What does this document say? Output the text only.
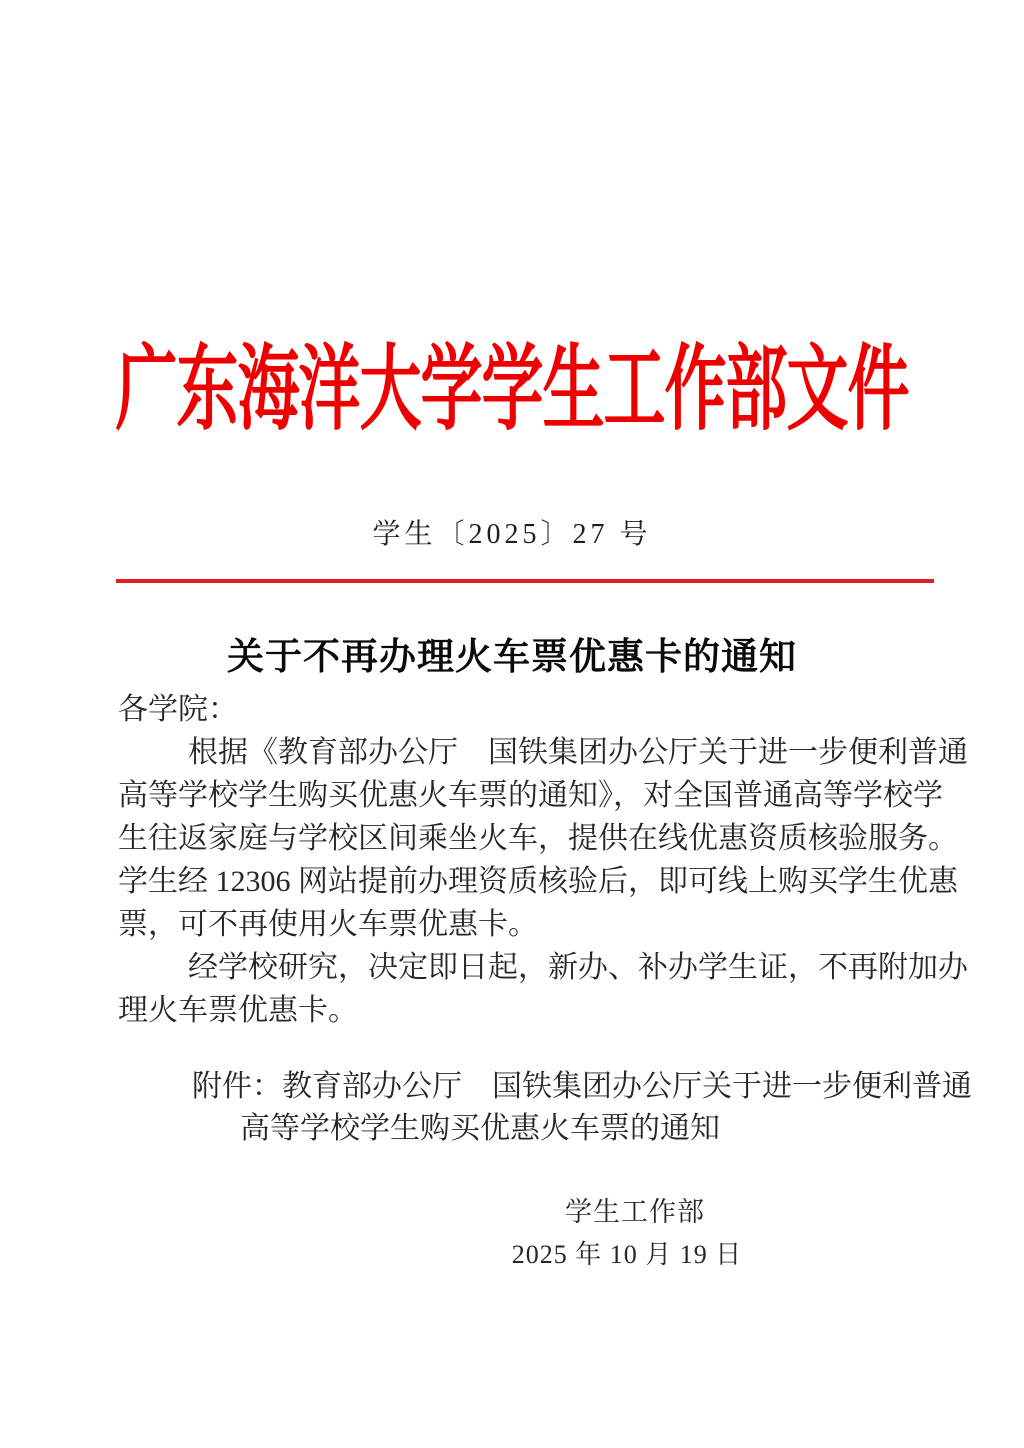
广东海洋大学学生工作部文件
学生〔2025〕27 号
关于不再办理火车票优惠卡的通知
各学院：
根据《教育部办公厅　国铁集团办公厅关于进一步便利普通
高等学校学生购买优惠火车票的通知》，对全国普通高等学校学
生往返家庭与学校区间乘坐火车，提供在线优惠资质核验服务。
学生经 12306 网站提前办理资质核验后，即可线上购买学生优惠
票，可不再使用火车票优惠卡。
经学校研究，决定即日起，新办、补办学生证，不再附加办
理火车票优惠卡。
附件：教育部办公厅　国铁集团办公厅关于进一步便利普通
高等学校学生购买优惠火车票的通知
学生工作部
2025 年 10 月 19 日
